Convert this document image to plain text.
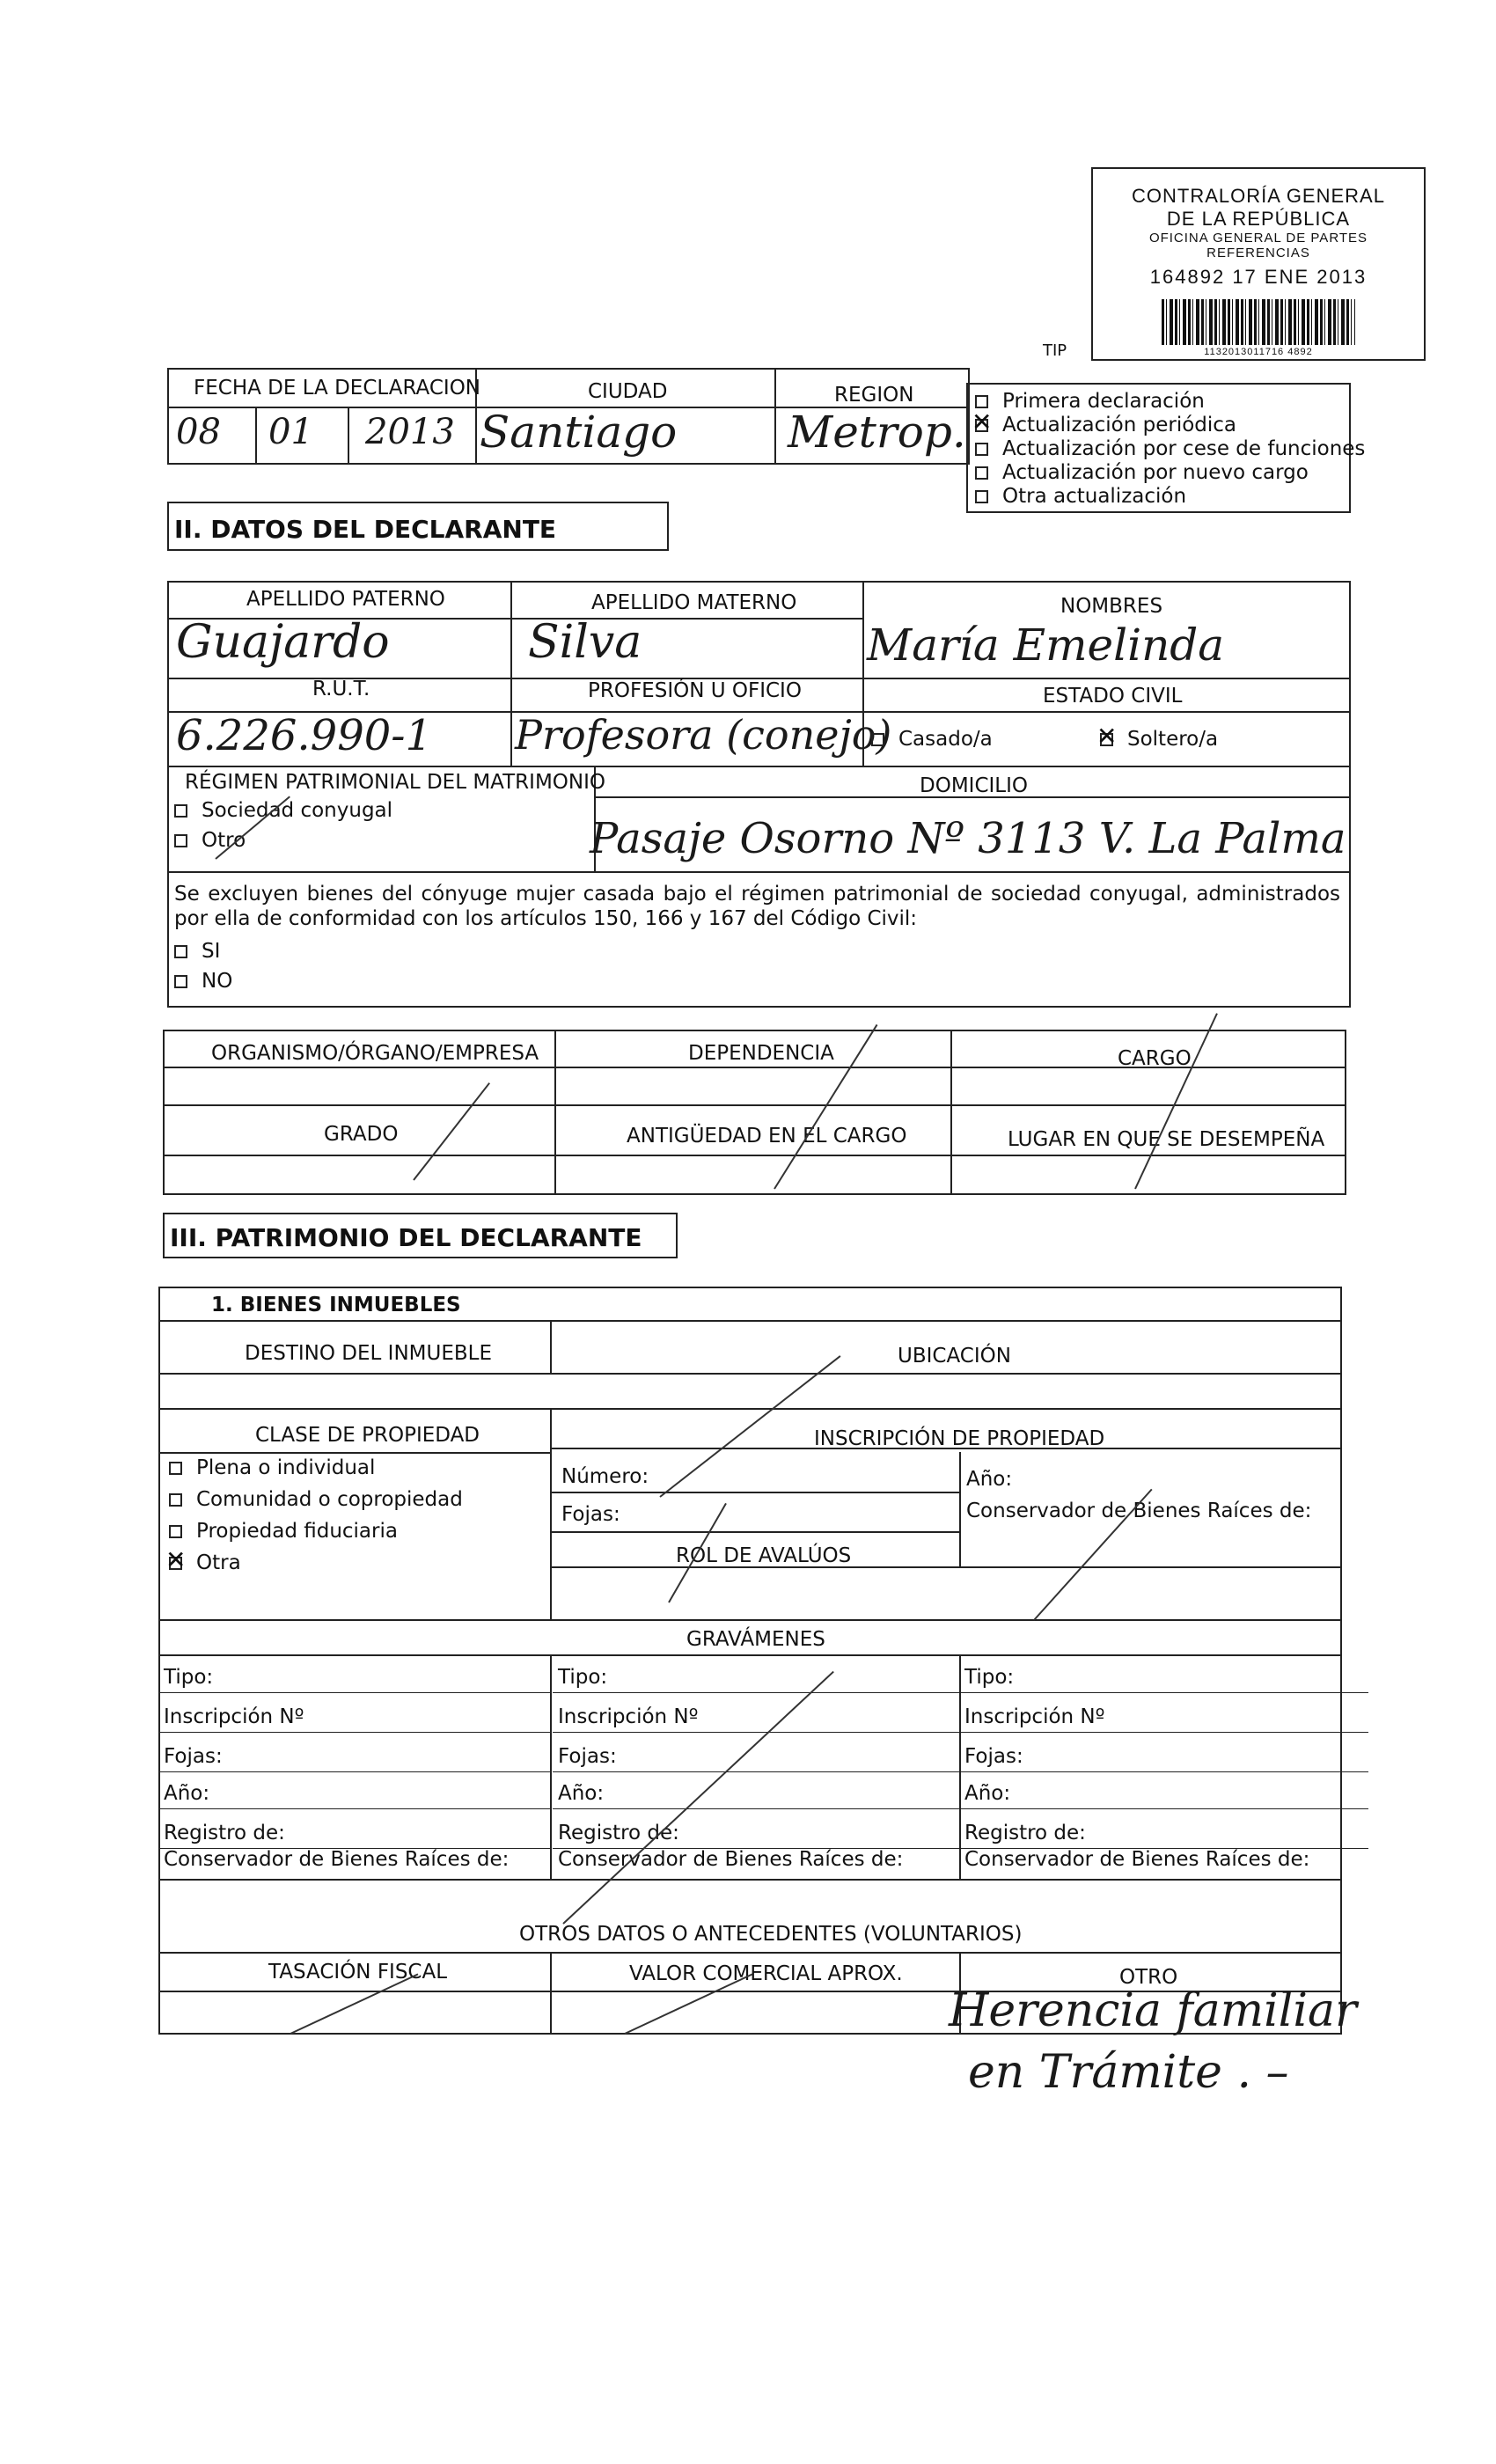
CONTRALORÍA GENERAL
DE LA REPÚBLICA
OFICINA GENERAL DE PARTES
REFERENCIAS
164892 17 ENE 2013
1132013011716 4892
TIP
FECHA DE LA DECLARACION	CIUDAD	REGION
08 01 2013 Santiago	Metrop.
Primera declaración
✕
Actualización periódica
Actualización por cese de funciones
Actualización por nuevo cargo
Otra actualización
II. DATOS DEL DECLARANTE
APELLIDO PATERNO	APELLIDO MATERNO	NOMBRES
Guajardo	Silva	María Emelinda
R.U.T.	PROFESIÓN U OFICIO	ESTADO CIVIL
6.226.990-1 Profesora (conejo) Casado/a
✕	Soltero/a
RÉGIMEN PATRIMONIAL DEL MATRIMONIO	DOMICILIO
Sociedad conyugal
Otro	Pasaje Osorno Nº 3113 V. La Palma
Se excluyen bienes del cónyuge mujer casada bajo el régimen patrimonial de sociedad conyugal, administrados por ella de conformidad con los artículos 150, 166 y 167 del Código Civil:
SI
NO
ORGANISMO/ÓRGANO/EMPRESA	DEPENDENCIA	CARGO
GRADO	ANTIGÜEDAD EN EL CARGO	LUGAR EN QUE SE DESEMPEÑA
III. PATRIMONIO DEL DECLARANTE
1. BIENES INMUEBLES
DESTINO DEL INMUEBLE	UBICACIÓN
CLASE DE PROPIEDAD	INSCRIPCIÓN DE PROPIEDAD
Plena o individual
Comunidad o copropiedad
Propiedad fiduciaria
✕
Otra
Número:	Año:
Fojas:	Conservador de Bienes Raíces de:
ROL DE AVALÚOS
GRAVÁMENES
Tipo:
Inscripción Nº
Fojas:
Año:
Registro de:
Conservador de Bienes Raíces de:
Tipo:
Inscripción Nº
Fojas:
Año:
Registro de:
Conservador de Bienes Raíces de:
Tipo:
Inscripción Nº
Fojas:
Año:
Registro de:
Conservador de Bienes Raíces de:
OTROS DATOS O ANTECEDENTES (VOLUNTARIOS)
TASACIÓN FISCAL	VALOR COMERCIAL APROX.	OTRO
Herencia familiar
en Trámite . –
